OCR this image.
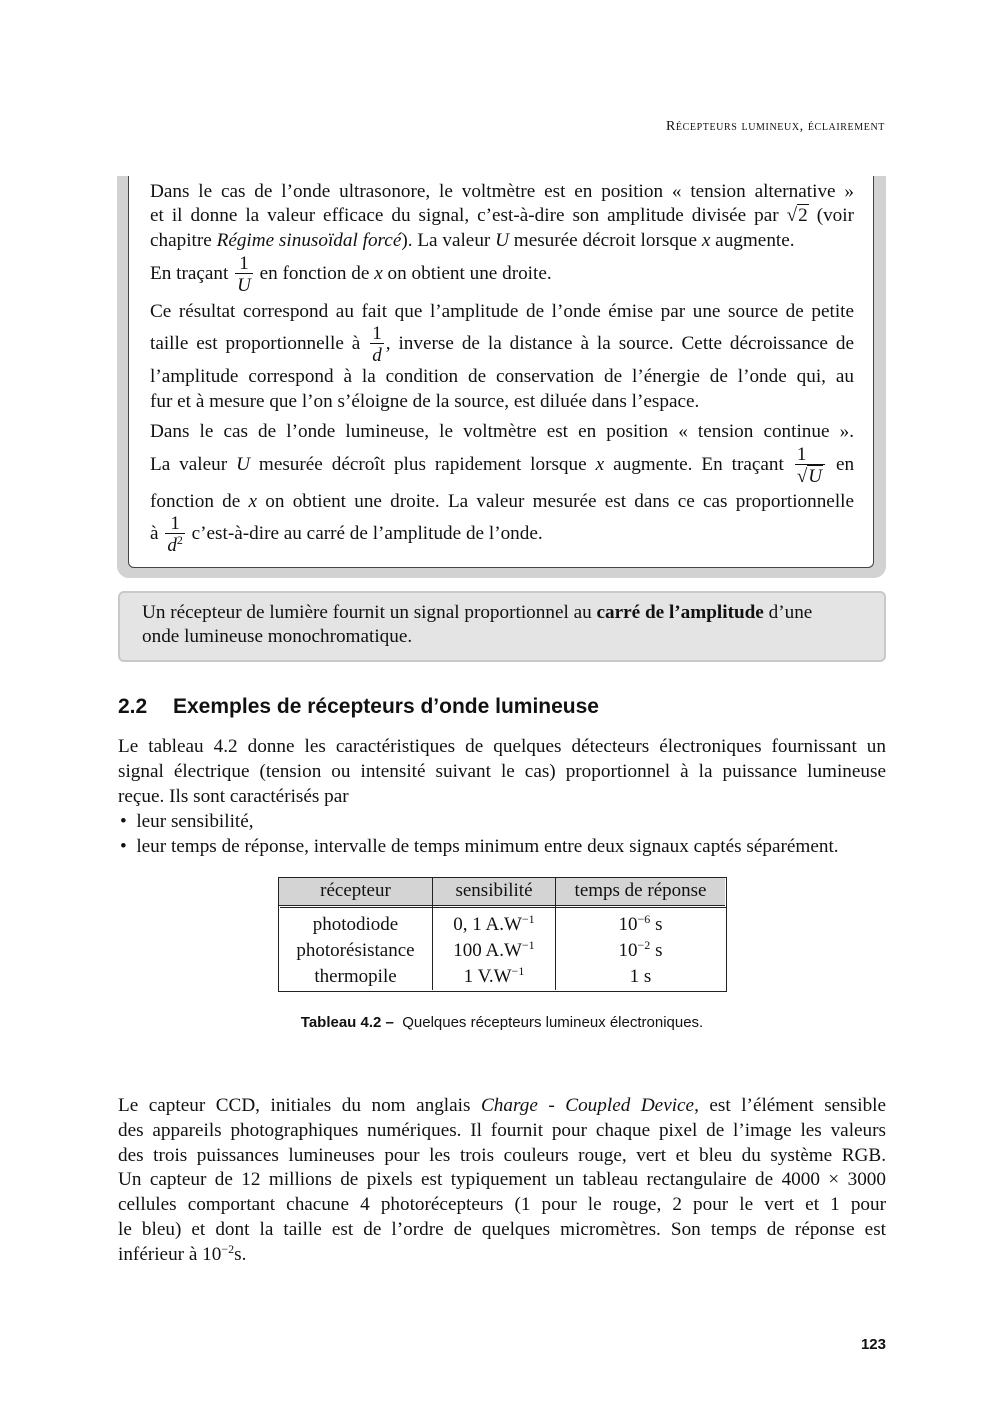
Récepteurs lumineux, éclairement
Dans le cas de l’onde ultrasonore, le voltmètre est en position « tension alternative »
et il donne la valeur efficace du signal, c’est-à-dire son amplitude divisée par √2 (voir
chapitre Régime sinusoïdal forcé). La valeur U mesurée décroit lorsque x augmente.
En traçant $\frac{1}{U}$ en fonction de x on obtient une droite.
Ce résultat correspond au fait que l’amplitude de l’onde émise par une source de petite
taille est proportionnelle à $\frac{1}{d}$ , inverse de la distance à la source. Cette décroissance de
l’amplitude correspond à la condition de conservation de l’énergie de l’onde qui, au
fur et à mesure que l’on s’éloigne de la source, est diluée dans l’espace.
Dans le cas de l’onde lumineuse, le voltmètre est en position « tension continue ».
La valeur U mesurée décroît plus rapidement lorsque x augmente. En traçant $\frac{1}{√U}$ en
fonction de x on obtient une droite. La valeur mesurée est dans ce cas proportionnelle
à $\frac{1}{d^2}$ c’est-à-dire au carré de l’amplitude de l’onde.
Un récepteur de lumière fournit un signal proportionnel au carré de l’amplitude d’une
onde lumineuse monochromatique.
2.2 Exemples de récepteurs d’onde lumineuse
Le tableau 4.2 donne les caractéristiques de quelques détecteurs électroniques fournissant un
signal électrique (tension ou intensité suivant le cas) proportionnel à la puissance lumineuse
reçue. Ils sont caractérisés par
• leur sensibilité,
• leur temps de réponse, intervalle de temps minimum entre deux signaux captés séparément.
récepteur	sensibilité	temps de réponse
photodiode	0, 1 $A.W^{-1}$	$10^{-6}$ s
photorésistance	100 $A.W^{-1}$	$10^{-2}$ s
thermopile	1 $V.W^{-1}$	1 s
Tableau 4.2 – Quelques récepteurs lumineux électroniques.
Le capteur CCD, initiales du nom anglais Charge - Coupled Device, est l’élément sensible
des appareils photographiques numériques. Il fournit pour chaque pixel de l’image les valeurs
des trois puissances lumineuses pour les trois couleurs rouge, vert et bleu du système RGB.
Un capteur de 12 millions de pixels est typiquement un tableau rectangulaire de 4000 × 3000
cellules comportant chacune 4 photorécepteurs (1 pour le rouge, 2 pour le vert et 1 pour
le bleu) et dont la taille est de l’ordre de quelques micromètres. Son temps de réponse est
inférieur à $10^{-2}s$.
123
